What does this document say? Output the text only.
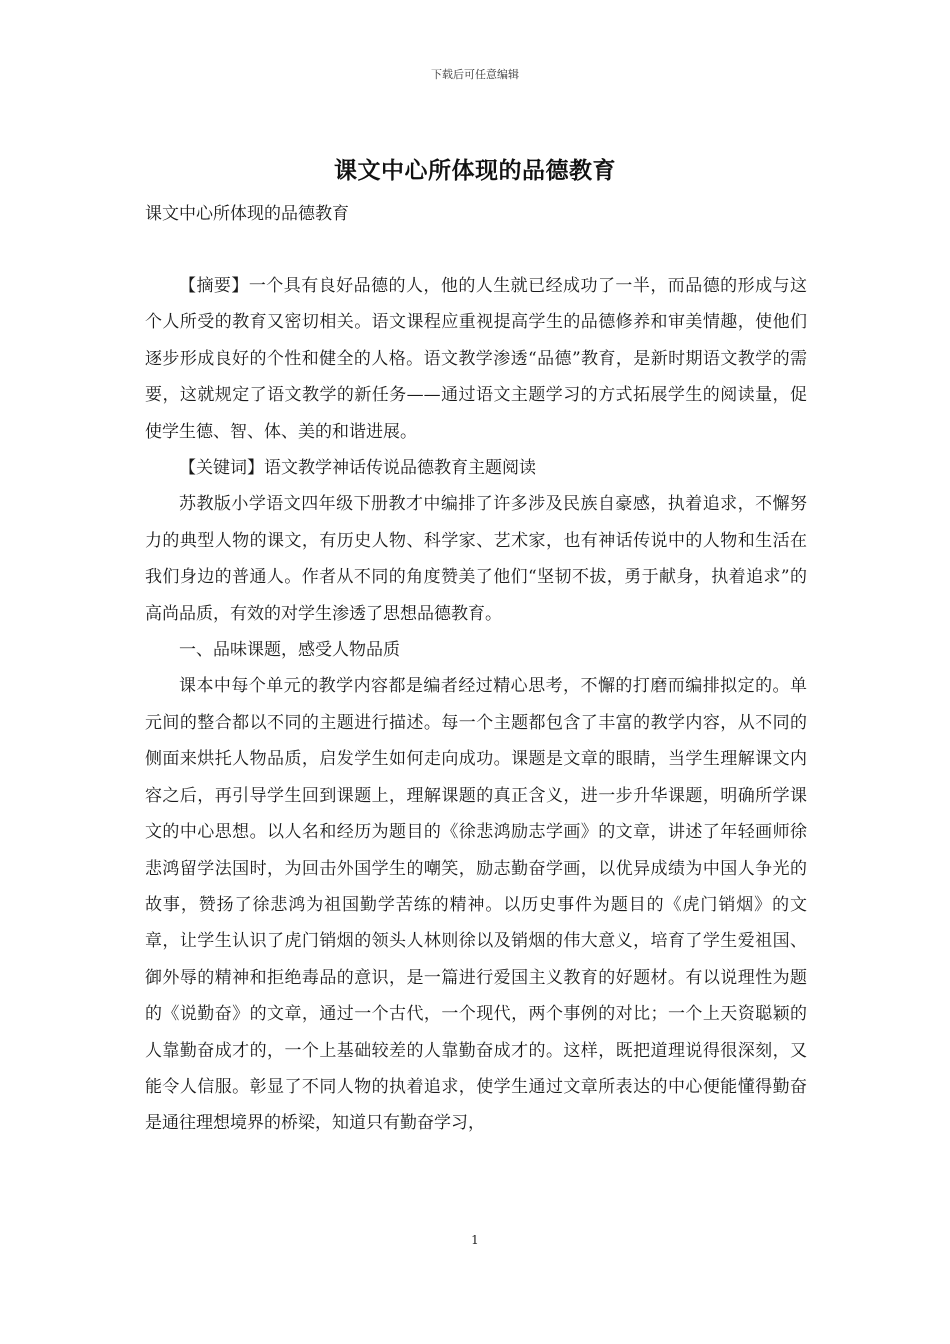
下载后可任意编辑
课文中心所体现的品德教育
课文中心所体现的品德教育

【摘要】一个具有良好品德的人，他的人生就已经成功了一半，而品德的形成与这个人所受的教育又密切相关。语文课程应重视提高学生的品德修养和审美情趣，使他们逐步形成良好的个性和健全的人格。语文教学渗透“品德”教育，是新时期语文教学的需要，这就规定了语文教学的新任务——通过语文主题学习的方式拓展学生的阅读量，促使学生德、智、体、美的和谐进展。

【关键词】语文教学神话传说品德教育主题阅读

苏教版小学语文四年级下册教才中编排了许多涉及民族自豪感，执着追求，不懈努力的典型人物的课文，有历史人物、科学家、艺术家，也有神话传说中的人物和生活在我们身边的普通人。作者从不同的角度赞美了他们“坚韧不拔，勇于献身，执着追求”的高尚品质，有效的对学生渗透了思想品德教育。

一、品味课题，感受人物品质

课本中每个单元的教学内容都是编者经过精心思考，不懈的打磨而编排拟定的。单元间的整合都以不同的主题进行描述。每一个主题都包含了丰富的教学内容，从不同的侧面来烘托人物品质，启发学生如何走向成功。课题是文章的眼睛，当学生理解课文内容之后，再引导学生回到课题上，理解课题的真正含义，进一步升华课题，明确所学课文的中心思想。以人名和经历为题目的《徐悲鸿励志学画》的文章，讲述了年轻画师徐悲鸿留学法国时，为回击外国学生的嘲笑，励志勤奋学画，以优异成绩为中国人争光的故事，赞扬了徐悲鸿为祖国勤学苦练的精神。以历史事件为题目的《虎门销烟》的文章，让学生认识了虎门销烟的领头人林则徐以及销烟的伟大意义，培育了学生爱祖国、御外辱的精神和拒绝毒品的意识，是一篇进行爱国主义教育的好题材。有以说理性为题的《说勤奋》的文章，通过一个古代，一个现代，两个事例的对比；一个上天资聪颖的人靠勤奋成才的，一个上基础较差的人靠勤奋成才的。这样，既把道理说得很深刻，又能令人信服。彰显了不同人物的执着追求，使学生通过文章所表达的中心便能懂得勤奋是通往理想境界的桥梁，知道只有勤奋学习，

1
